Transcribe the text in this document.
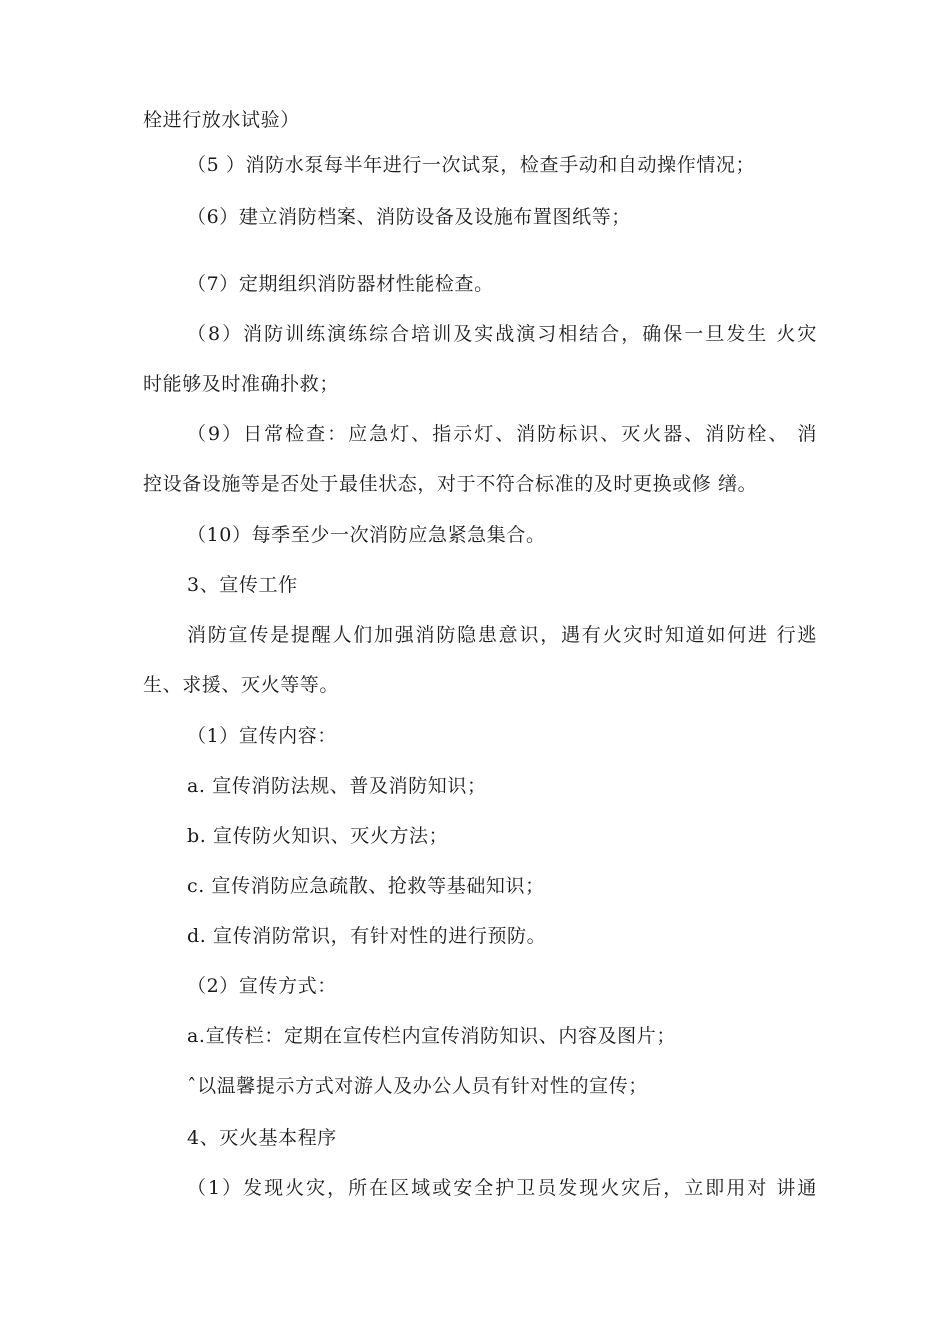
栓进行放水试验）
（5 ）消防水泵每半年进行一次试泵，检查手动和自动操作情况；
（6）建立消防档案、消防设备及设施布置图纸等；
（7）定期组织消防器材性能检查。
（8）消防训练演练综合培训及实战演习相结合，确保一旦发生 火灾
时能够及时准确扑救；
（9）日常检查：应急灯、指示灯、消防标识、灭火器、消防栓、 消
控设备设施等是否处于最佳状态，对于不符合标准的及时更换或修 缮。
（10）每季至少一次消防应急紧急集合。
3、宣传工作
消防宣传是提醒人们加强消防隐患意识，遇有火灾时知道如何进 行逃
生、求援、灭火等等。
（1）宣传内容：
a. 宣传消防法规、普及消防知识；
b. 宣传防火知识、灭火方法；
c. 宣传消防应急疏散、抢救等基础知识；
d. 宣传消防常识，有针对性的进行预防。
（2）宣传方式：
a.宣传栏：定期在宣传栏内宣传消防知识、内容及图片；
ˆ以温馨提示方式对游人及办公人员有针对性的宣传；
4、灭火基本程序
（1）发现火灾，所在区域或安全护卫员发现火灾后，立即用对 讲通
